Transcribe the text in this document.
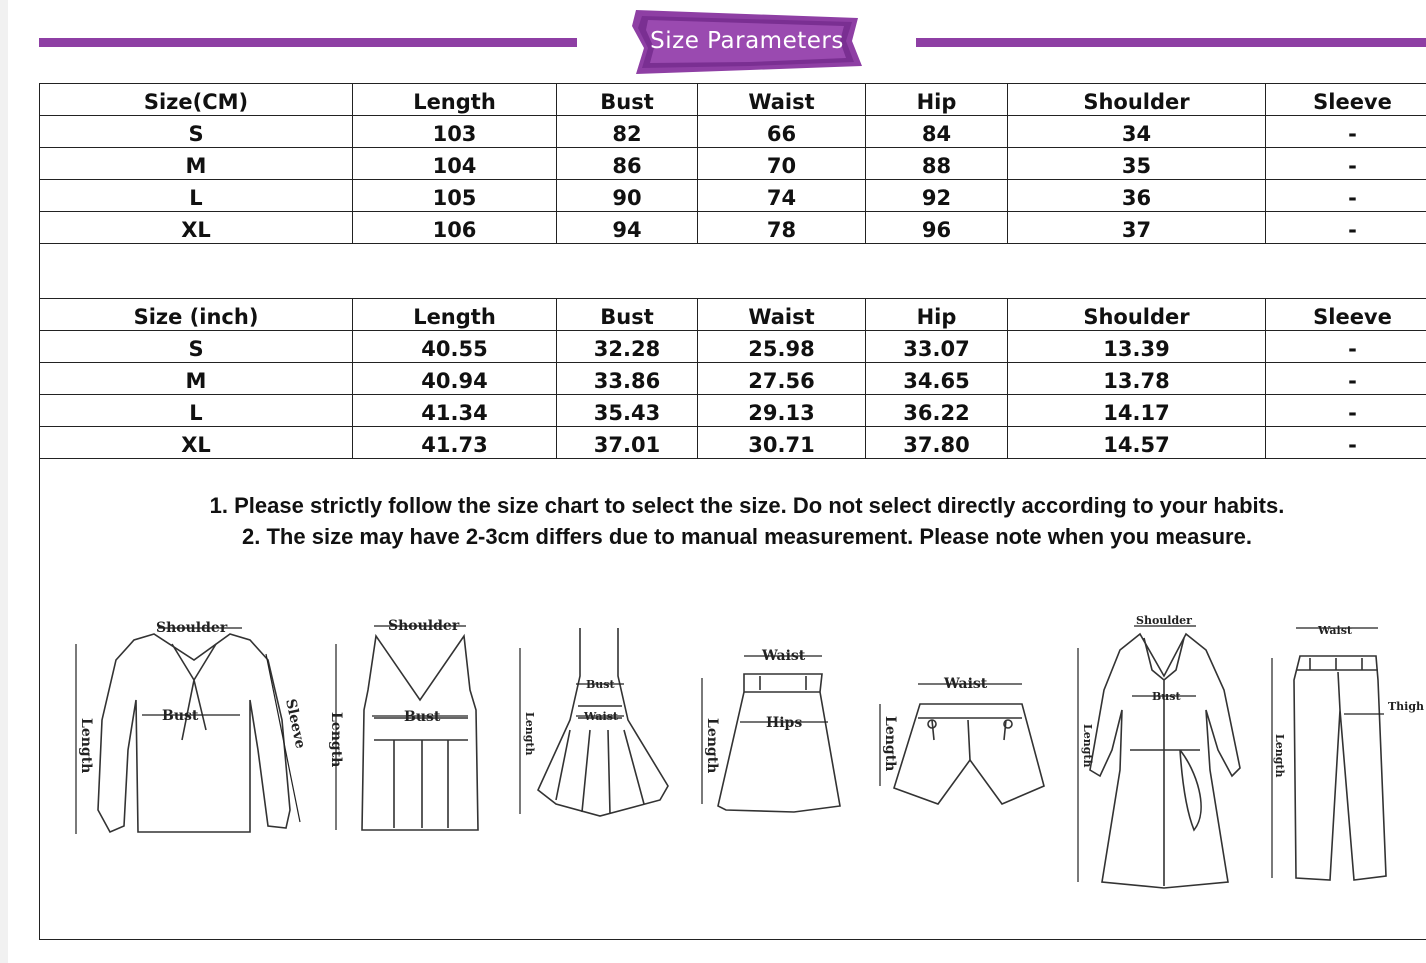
Size Parameters
Size(CM)	Length	Bust	Waist	Hip	Shoulder	Sleeve
S	103	82	66	84	34	-
M	104	86	70	88	35	-
L	105	90	74	92	36	-
XL	106	94	78	96	37	-
Size (inch)	Length	Bust	Waist	Hip	Shoulder	Sleeve
S	40.55	32.28	25.98	33.07	13.39	-
M	40.94	33.86	27.56	34.65	13.78	-
L	41.34	35.43	29.13	36.22	14.17	-
XL	41.73	37.01	30.71	37.80	14.57	-
1. Please strictly follow the size chart to select the size. Do not select directly according to your habits.
2. The size may have 2-3cm differs due to manual measurement. Please note when you measure.
Shoulder
Bust
Length	Sleeve
Shoulder
Bust
Length
Bust
Waist
Length
Waist
Hips
Length
Waist
Length
Shoulder
Bust
Length
Waist
Thigh
Length
